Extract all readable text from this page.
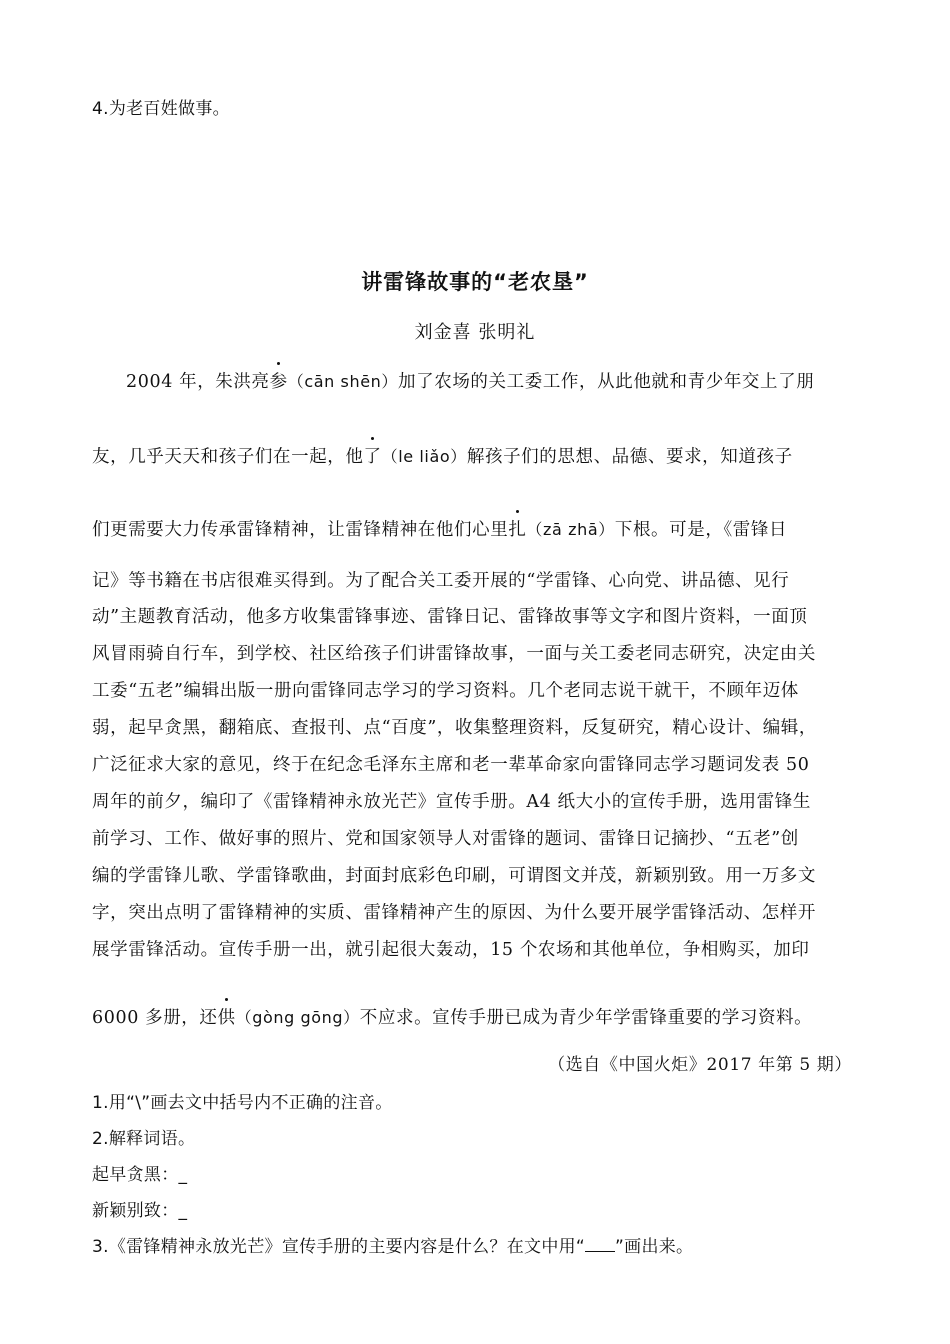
4.为老百姓做事。
讲雷锋故事的“老农垦”
刘金喜 张明礼
2004 年，朱洪亮参（cān shēn）加了农场的关工委工作，从此他就和青少年交上了朋
友，几乎天天和孩子们在一起，他了（le liǎo）解孩子们的思想、品德、要求，知道孩子
们更需要大力传承雷锋精神，让雷锋精神在他们心里扎（zā zhā）下根。可是，《雷锋日
记》等书籍在书店很难买得到。为了配合关工委开展的“学雷锋、心向党、讲品德、见行
动”主题教育活动，他多方收集雷锋事迹、雷锋日记、雷锋故事等文字和图片资料，一面顶
风冒雨骑自行车，到学校、社区给孩子们讲雷锋故事，一面与关工委老同志研究，决定由关
工委“五老”编辑出版一册向雷锋同志学习的学习资料。几个老同志说干就干，不顾年迈体
弱，起早贪黑，翻箱底、查报刊、点“百度”，收集整理资料，反复研究，精心设计、编辑，
广泛征求大家的意见，终于在纪念毛泽东主席和老一辈革命家向雷锋同志学习题词发表 50
周年的前夕，编印了《雷锋精神永放光芒》宣传手册。A4 纸大小的宣传手册，选用雷锋生
前学习、工作、做好事的照片、党和国家领导人对雷锋的题词、雷锋日记摘抄、“五老”创
编的学雷锋儿歌、学雷锋歌曲，封面封底彩色印刷，可谓图文并茂，新颖别致。用一万多文
字，突出点明了雷锋精神的实质、雷锋精神产生的原因、为什么要开展学雷锋活动、怎样开
展学雷锋活动。宣传手册一出，就引起很大轰动，15 个农场和其他单位，争相购买，加印
6000 多册，还供（gòng gōng）不应求。宣传手册已成为青少年学雷锋重要的学习资料。
（选自《中国火炬》2017 年第 5 期）
1.用“\”画去文中括号内不正确的注音。
2.解释词语。
起早贪黑：_
新颖别致：_
3.《雷锋精神永放光芒》宣传手册的主要内容是什么？在文中用“ ”画出来。
